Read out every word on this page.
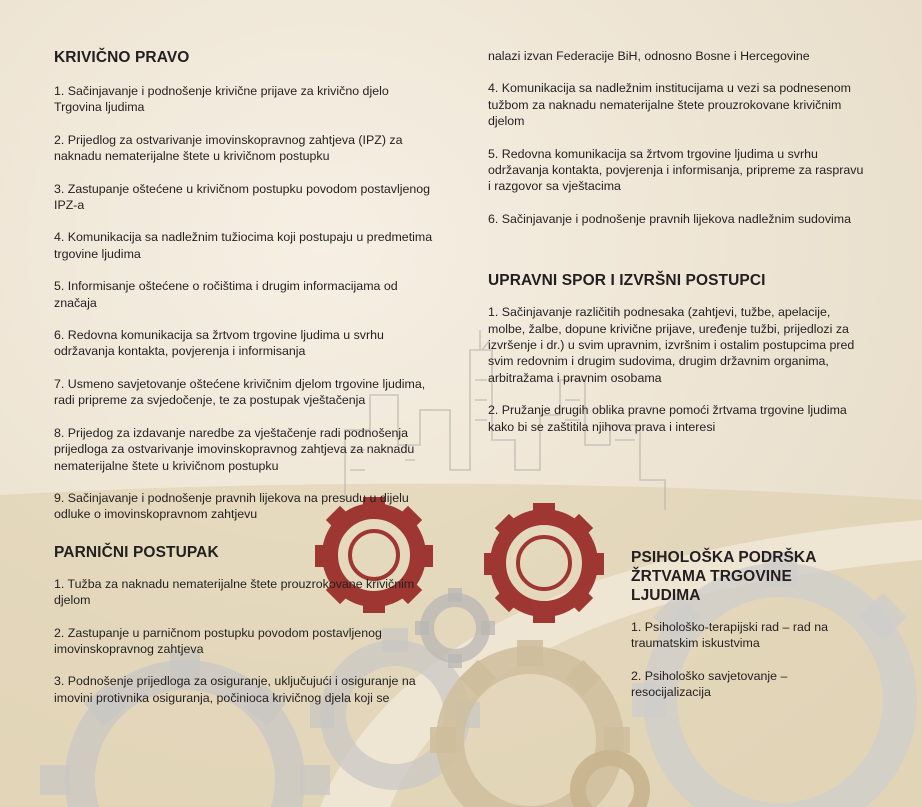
KRIVIČNO PRAVO

1. Sačinjavanje i podnošenje krivične prijave za krivično djelo Trgovina ljudima

2. Prijedlog za ostvarivanje imovinskopravnog zahtjeva (IPZ) za naknadu nematerijalne štete u krivičnom postupku

3. Zastupanje oštećene u krivičnom postupku povodom postavljenog IPZ-a

4. Komunikacija sa nadležnim tužiocima koji postupaju u predmetima trgovine ljudima

5. Informisanje oštećene o ročištima i drugim informacijama od značaja

6. Redovna komunikacija sa žrtvom trgovine ljudima u svrhu održavanja kontakta, povjerenja i informisanja

7. Usmeno savjetovanje oštećene krivičnim djelom trgovine ljudima, radi pripreme za svjedočenje, te za postupak vještačenja

8. Prijedog za izdavanje naredbe za vještačenje radi podnošenja prijedloga za ostvarivanje imovinskopravnog zahtjeva za naknadu nematerijalne štete u krivičnom postupku

9. Sačinjavanje i podnošenje pravnih lijekova na presudu u dijelu odluke o imovinskopravnom zahtjevu

PARNIČNI POSTUPAK

1. Tužba za naknadu nematerijalne štete prouzrokovane krivičnim djelom

2. Zastupanje u parničnom postupku povodom postavljenog imovinskopravnog zahtjeva

3. Podnošenje prijedloga za osiguranje, uključujući i osiguranje na imovini protivnika osiguranja, počinioca krivičnog djela koji se

nalazi izvan Federacije BiH, odnosno Bosne i Hercegovine

4. Komunikacija sa nadležnim institucijama u vezi sa podnesenom tužbom za naknadu nematerijalne štete prouzrokovane krivičnim djelom

5. Redovna komunikacija sa žrtvom trgovine ljudima u svrhu održavanja kontakta, povjerenja i informisanja, pripreme za raspravu i razgovor sa vještacima

6. Sačinjavanje i podnošenje pravnih lijekova nadležnim sudovima

UPRAVNI SPOR I IZVRŠNI POSTUPCI

1. Sačinjavanje različitih podnesaka (zahtjevi, tužbe, apelacije, molbe, žalbe, dopune krivične prijave, uređenje tužbi, prijedlozi za izvršenje i dr.) u svim upravnim, izvršnim i ostalim postupcima pred svim redovnim i drugim sudovima, drugim državnim organima, arbitražama i pravnim osobama

2. Pružanje drugih oblika pravne pomoći žrtvama trgovine ljudima kako bi se zaštitila njihova prava i interesi

PSIHOLOŠKA PODRŠKA
ŽRTVAMA TRGOVINE
LJUDIMA

1. Psihološko-terapijski rad – rad na traumatskim iskustvima

2. Psihološko savjetovanje – resocijalizacija
